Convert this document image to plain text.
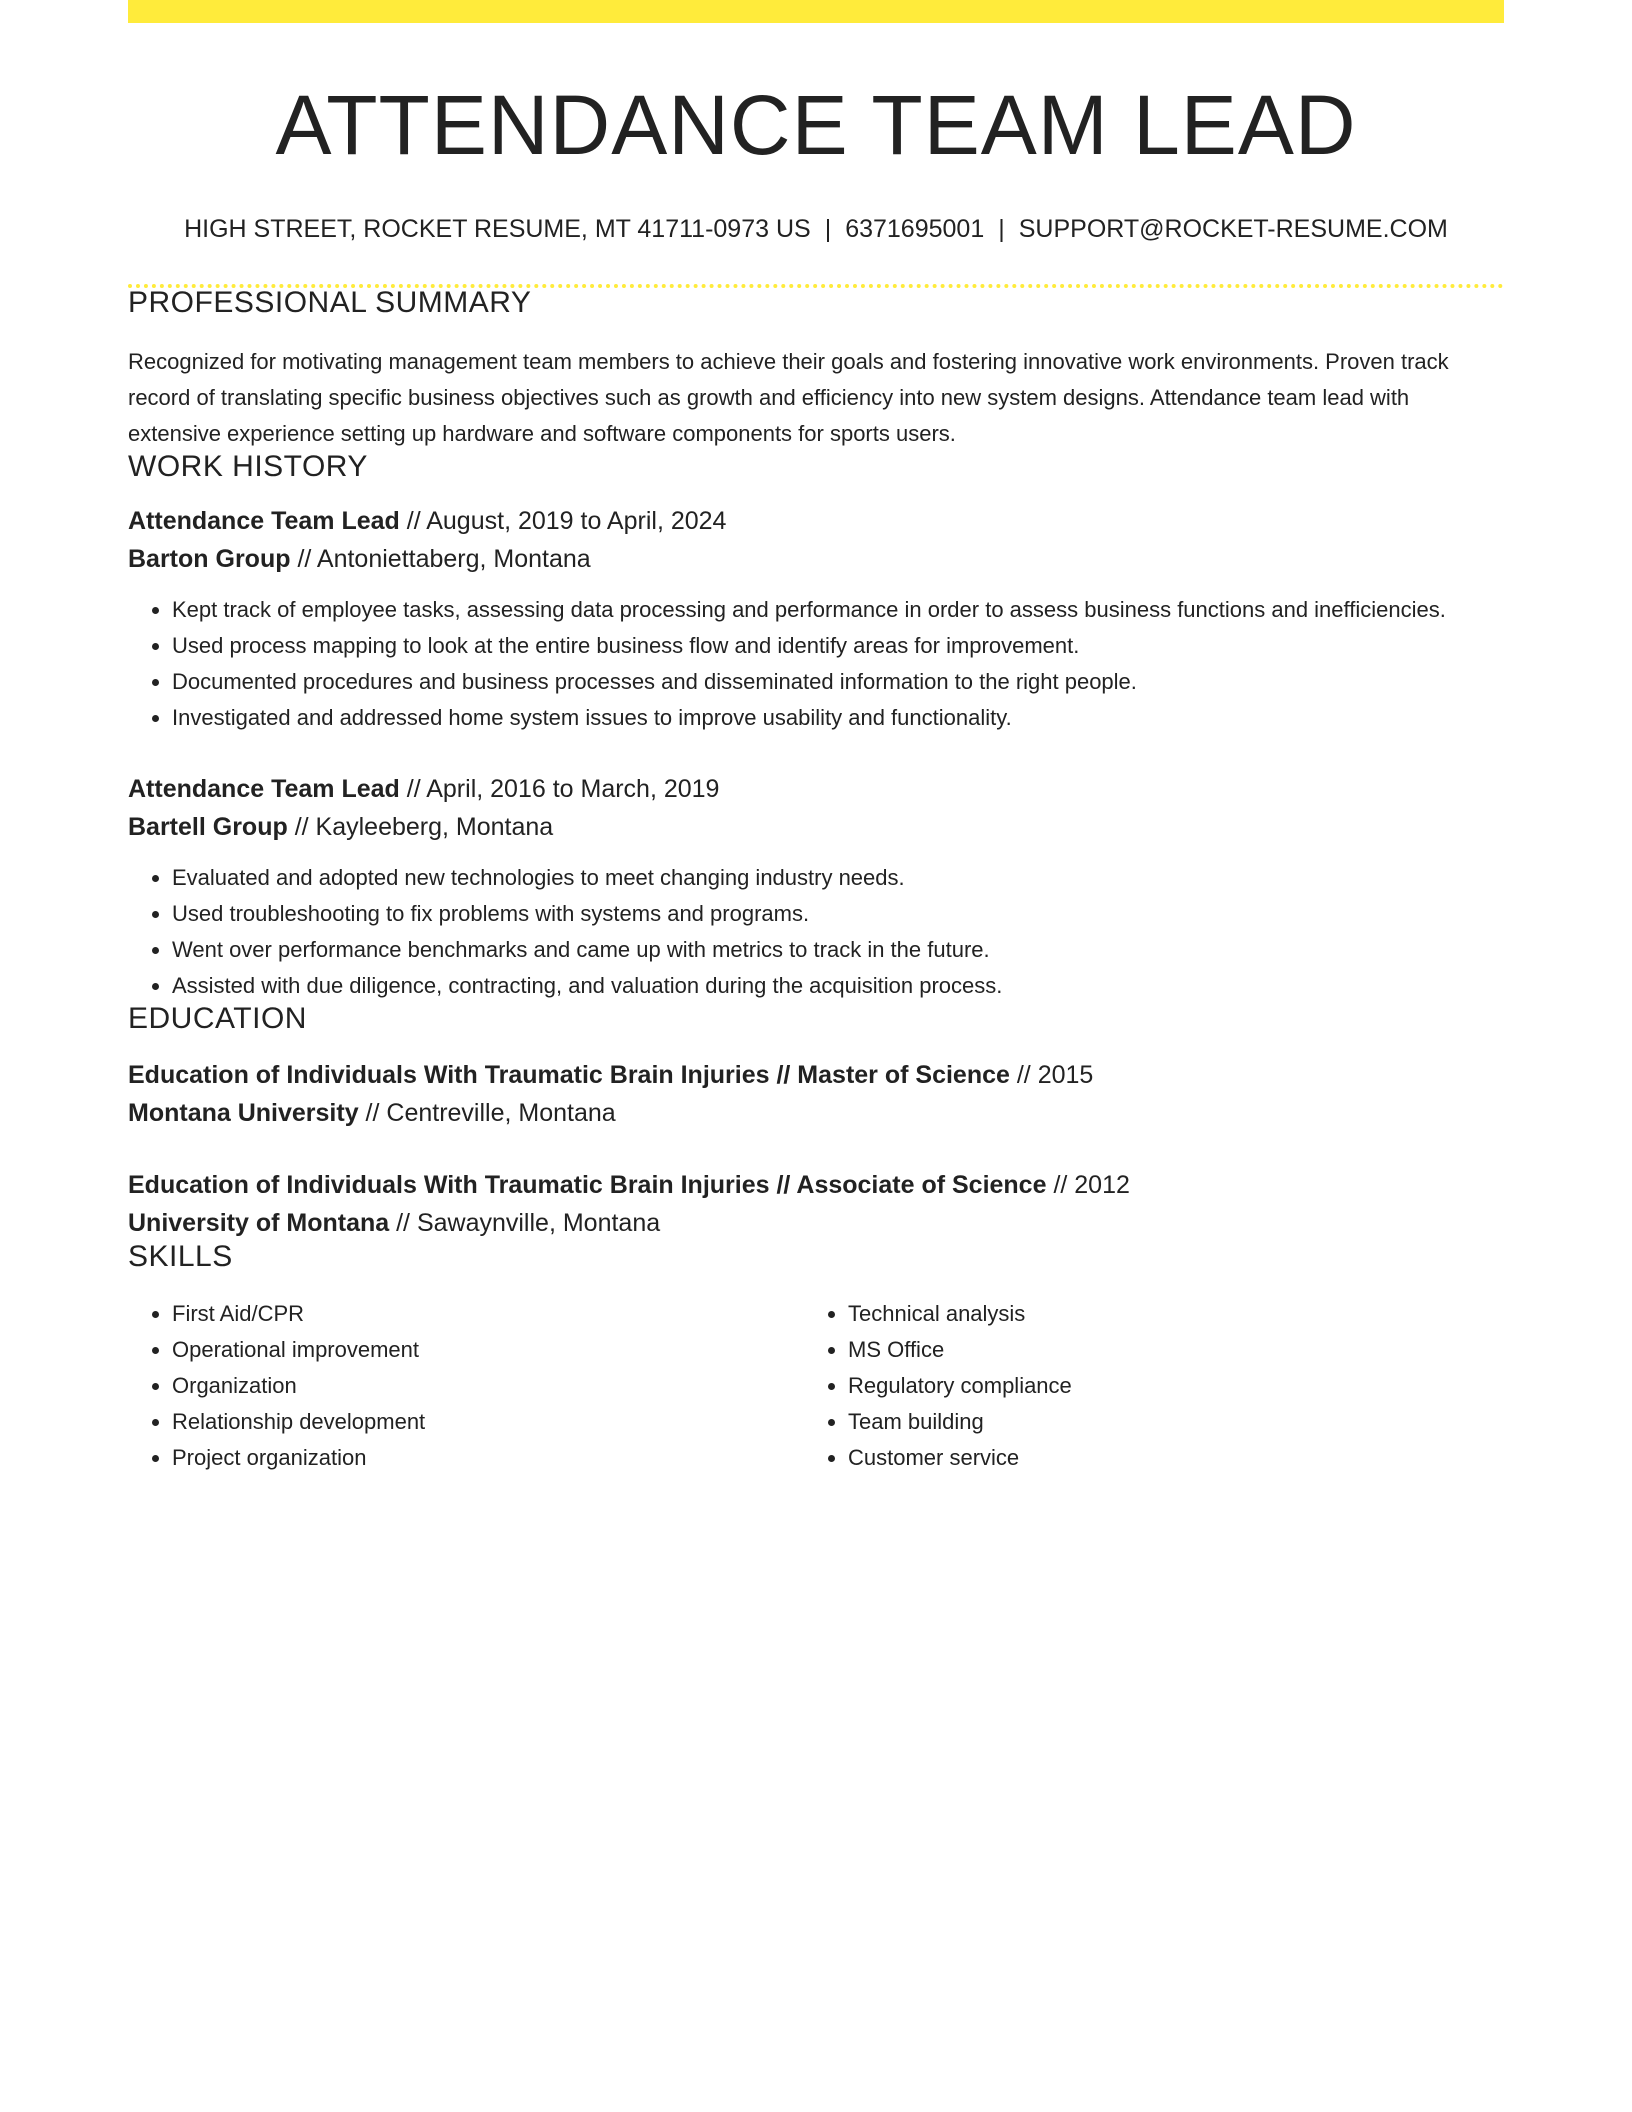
ATTENDANCE TEAM LEAD
HIGH STREET, ROCKET RESUME, MT 41711-0973 US | 6371695001 | SUPPORT@ROCKET-RESUME.COM
PROFESSIONAL SUMMARY
Recognized for motivating management team members to achieve their goals and fostering innovative work environments. Proven track record of translating specific business objectives such as growth and efficiency into new system designs. Attendance team lead with extensive experience setting up hardware and software components for sports users.
WORK HISTORY
Attendance Team Lead // August, 2019 to April, 2024
Barton Group // Antoniettaberg, Montana
• Kept track of employee tasks, assessing data processing and performance in order to assess business functions and inefficiencies.
• Used process mapping to look at the entire business flow and identify areas for improvement.
• Documented procedures and business processes and disseminated information to the right people.
• Investigated and addressed home system issues to improve usability and functionality.
Attendance Team Lead // April, 2016 to March, 2019
Bartell Group // Kayleeberg, Montana
• Evaluated and adopted new technologies to meet changing industry needs.
• Used troubleshooting to fix problems with systems and programs.
• Went over performance benchmarks and came up with metrics to track in the future.
• Assisted with due diligence, contracting, and valuation during the acquisition process.
EDUCATION
Education of Individuals With Traumatic Brain Injuries // Master of Science // 2015
Montana University // Centreville, Montana
Education of Individuals With Traumatic Brain Injuries // Associate of Science // 2012
University of Montana // Sawaynville, Montana
SKILLS
• First Aid/CPR
• Operational improvement
• Organization
• Relationship development
• Project organization
• Technical analysis
• MS Office
• Regulatory compliance
• Team building
• Customer service
